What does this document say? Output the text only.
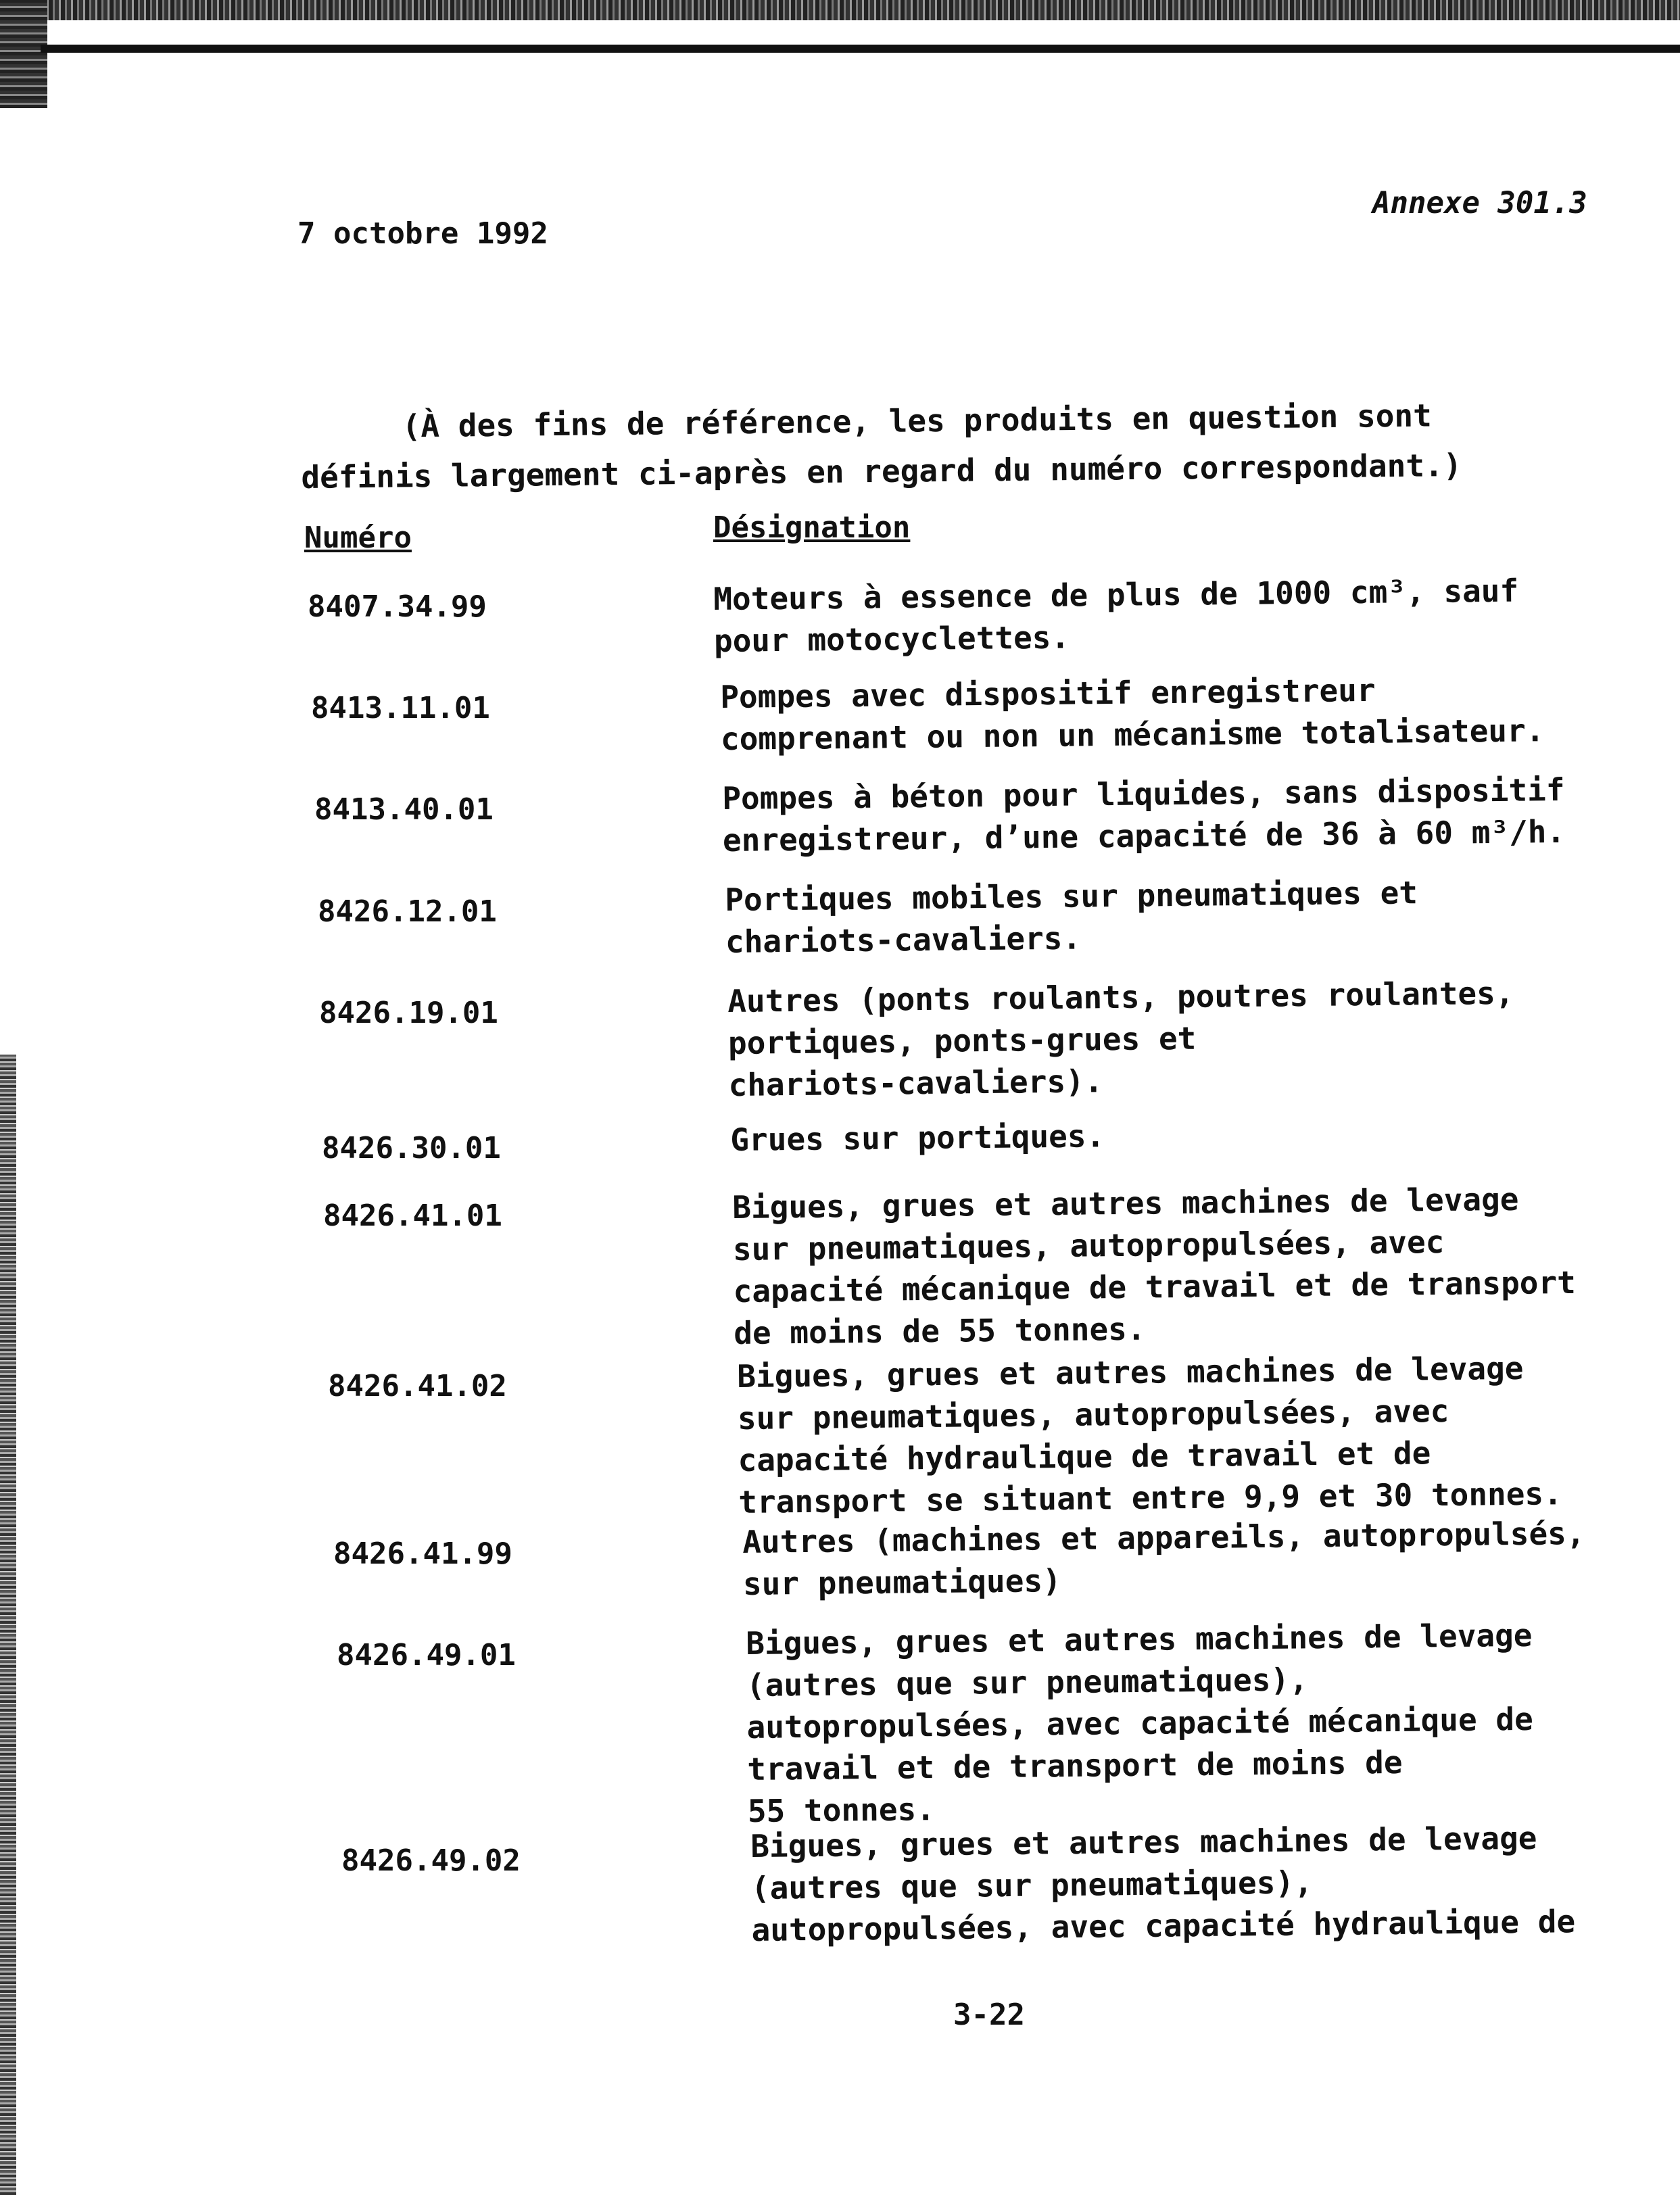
7 octobre 1992
Annexe 301.3
(À des fins de référence, les produits en question sont
définis largement ci-après en regard du numéro correspondant.)
Numéro	Désignation
8407.34.99	Moteurs à essence de plus de 1000 cm³, sauf
pour motocyclettes.
8413.11.01	Pompes avec dispositif enregistreur
comprenant ou non un mécanisme totalisateur.
8413.40.01	Pompes à béton pour liquides, sans dispositif
enregistreur, d’une capacité de 36 à 60 m³/h.
8426.12.01	Portiques mobiles sur pneumatiques et
chariots-cavaliers.
8426.19.01	Autres (ponts roulants, poutres roulantes,
portiques, ponts-grues et
chariots-cavaliers).
8426.30.01	Grues sur portiques.
8426.41.01	Bigues, grues et autres machines de levage
sur pneumatiques, autopropulsées, avec
capacité mécanique de travail et de transport
de moins de 55 tonnes.
8426.41.02	Bigues, grues et autres machines de levage
sur pneumatiques, autopropulsées, avec
capacité hydraulique de travail et de
transport se situant entre 9,9 et 30 tonnes.
8426.41.99	Autres (machines et appareils, autopropulsés,
sur pneumatiques)
8426.49.01	Bigues, grues et autres machines de levage
(autres que sur pneumatiques),
autopropulsées, avec capacité mécanique de
travail et de transport de moins de
55 tonnes.
8426.49.02	Bigues, grues et autres machines de levage
(autres que sur pneumatiques),
autopropulsées, avec capacité hydraulique de
3-22
